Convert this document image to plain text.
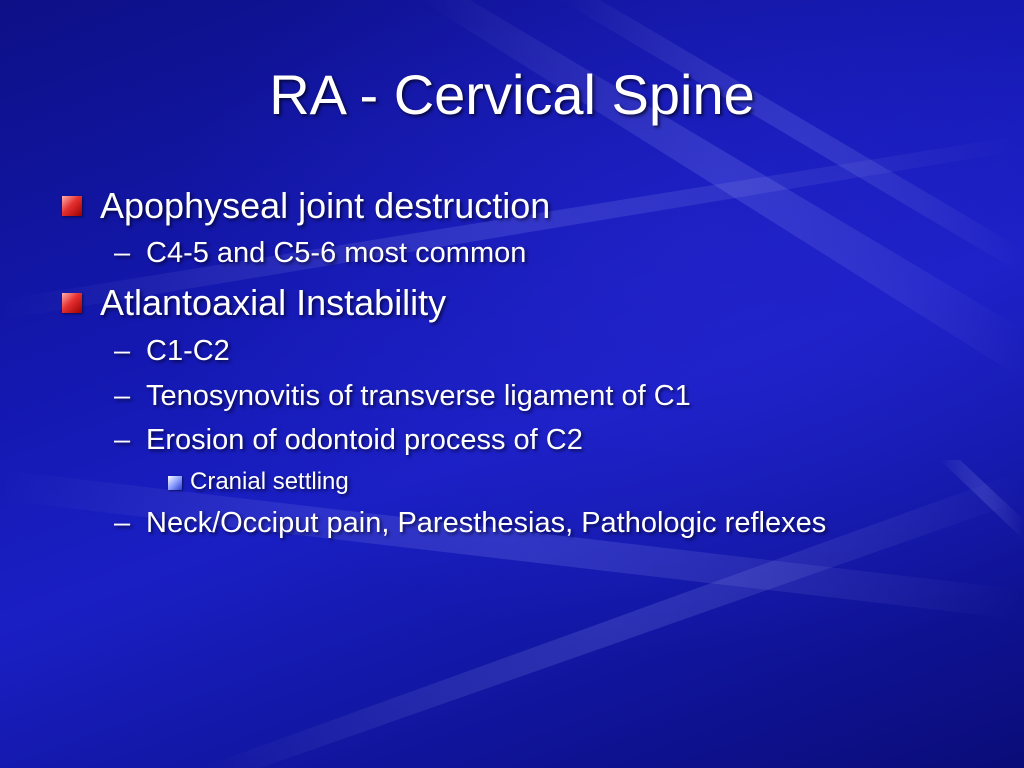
RA - Cervical Spine
Apophyseal joint destruction
– C4-5 and C5-6 most common
Atlantoaxial Instability
– C1-C2
– Tenosynovitis of transverse ligament of C1
– Erosion of odontoid process of C2
Cranial settling
– Neck/Occiput pain, Paresthesias, Pathologic reflexes
